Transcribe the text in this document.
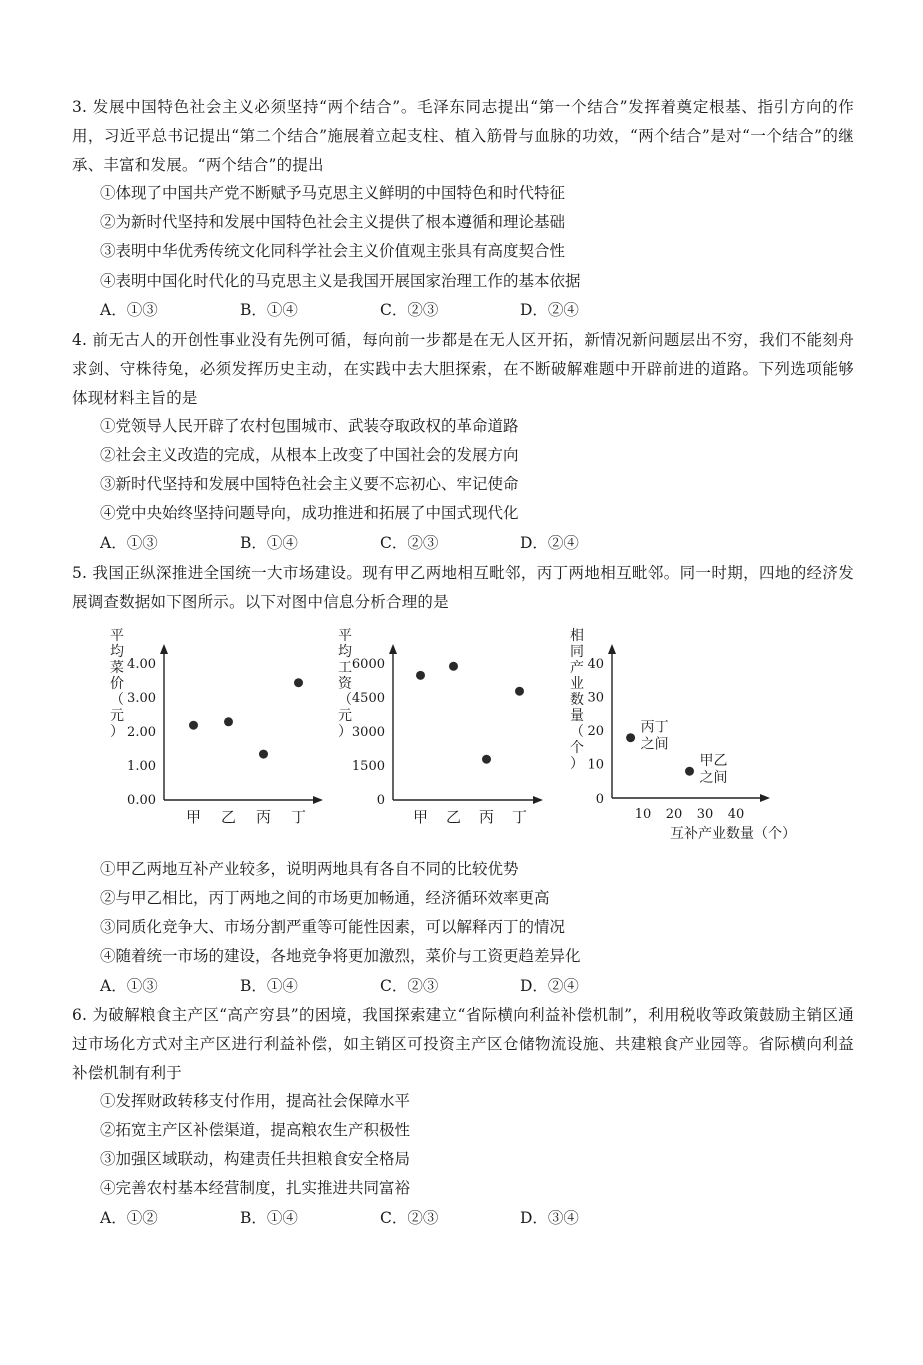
3. 发展中国特色社会主义必须坚持“两个结合”。毛泽东同志提出“第一个结合”发挥着奠定根基、指引方向的作用，习近平总书记提出“第二个结合”施展着立起支柱、植入筋骨与血脉的功效，“两个结合”是对“一个结合”的继承、丰富和发展。“两个结合”的提出
①体现了中国共产党不断赋予马克思主义鲜明的中国特色和时代特征
②为新时代坚持和发展中国特色社会主义提供了根本遵循和理论基础
③表明中华优秀传统文化同科学社会主义价值观主张具有高度契合性
④表明中国化时代化的马克思主义是我国开展国家治理工作的基本依据
A．①③	B．①④	C．②③	D．②④
4. 前无古人的开创性事业没有先例可循，每向前一步都是在无人区开拓，新情况新问题层出不穷，我们不能刻舟求剑、守株待兔，必须发挥历史主动，在实践中去大胆探索，在不断破解难题中开辟前进的道路。下列选项能够体现材料主旨的是
①党领导人民开辟了农村包围城市、武装夺取政权的革命道路
②社会主义改造的完成，从根本上改变了中国社会的发展方向
③新时代坚持和发展中国特色社会主义要不忘初心、牢记使命
④党中央始终坚持问题导向，成功推进和拓展了中国式现代化
A．①③	B．①④	C．②③	D．②④
5. 我国正纵深推进全国统一大市场建设。现有甲乙两地相互毗邻，丙丁两地相互毗邻。同一时期，四地的经济发展调查数据如下图所示。以下对图中信息分析合理的是
平均菜价（元）
0.00
1.00
2.00
3.00
4.00
甲 乙 丙 丁
平均工资（元）
0
1500
3000
4500
6000
甲 乙 丙 丁
相同产业数量（个）
0
10
20
30
40
10 20 30 40
丙丁
之间
甲乙
之间
互补产业数量（个）
①甲乙两地互补产业较多，说明两地具有各自不同的比较优势
②与甲乙相比，丙丁两地之间的市场更加畅通，经济循环效率更高
③同质化竞争大、市场分割严重等可能性因素，可以解释丙丁的情况
④随着统一市场的建设，各地竞争将更加激烈，菜价与工资更趋差异化
A．①③	B．①④	C．②③	D．②④
6. 为破解粮食主产区“高产穷县”的困境，我国探索建立“省际横向利益补偿机制”，利用税收等政策鼓励主销区通过市场化方式对主产区进行利益补偿，如主销区可投资主产区仓储物流设施、共建粮食产业园等。省际横向利益补偿机制有利于
①发挥财政转移支付作用，提高社会保障水平
②拓宽主产区补偿渠道，提高粮农生产积极性
③加强区域联动，构建责任共担粮食安全格局
④完善农村基本经营制度，扎实推进共同富裕
A．①②	B．①④	C．②③	D．③④
